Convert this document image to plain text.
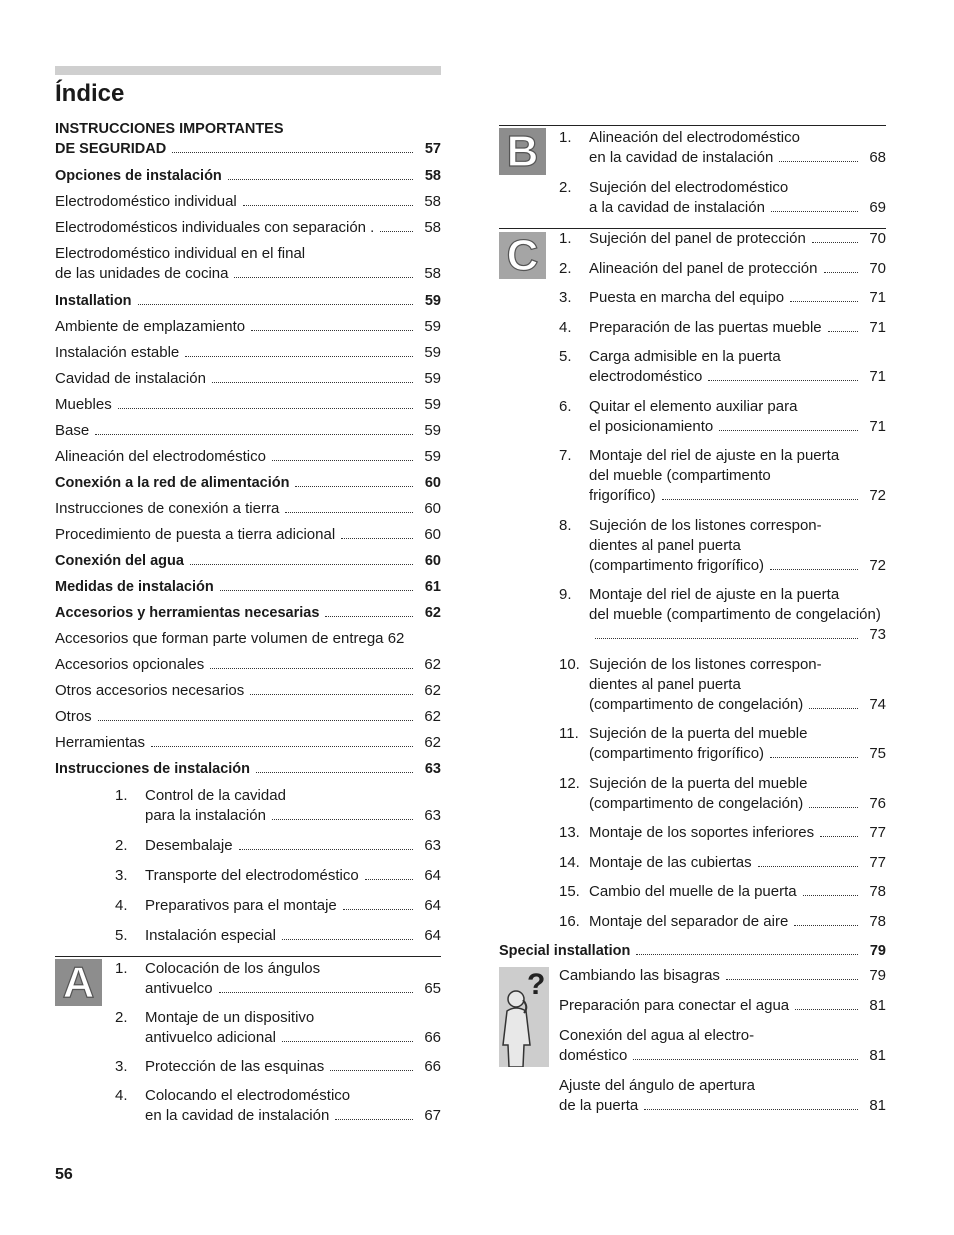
Índice
INSTRUCCIONES IMPORTANTES
DE SEGURIDAD	57
Opciones de instalación	58
Electrodoméstico individual	58
Electrodomésticos individuales con separación .	58
Electrodoméstico individual en el final
de las unidades de cocina	58
Installation	59
Ambiente de emplazamiento	59
Instalación estable	59
Cavidad de instalación	59
Muebles	59
Base	59
Alineación del electrodoméstico	59
Conexión a la red de alimentación	60
Instrucciones de conexión a tierra	60
Procedimiento de puesta a tierra adicional	60
Conexión del agua	60
Medidas de instalación	61
Accesorios y herramientas necesarias	62
Accesorios que forman parte volumen de entrega 62
Accesorios opcionales	62
Otros accesorios necesarios	62
Otros	62
Herramientas	62
Instrucciones de instalación	63
1. Control de la cavidad
para la instalación	63
2. Desembalaje	63
3. Transporte del electrodoméstico	64
4. Preparativos para el montaje	64
5. Instalación especial	64
A	1. Colocación de los ángulos
antivuelco	65
2. Montaje de un dispositivo
antivuelco adicional	66
3. Protección de las esquinas	66
4. Colocando el electrodoméstico
en la cavidad de instalación	67
B	1. Alineación del electrodoméstico
en la cavidad de instalación	68
2. Sujeción del electrodoméstico
a la cavidad de instalación	69
C	1. Sujeción del panel de protección	70
2. Alineación del panel de protección	70
3. Puesta en marcha del equipo	71
4. Preparación de las puertas mueble	71
5. Carga admisible en la puerta
electrodoméstico	71
6. Quitar el elemento auxiliar para
el posicionamiento	71
7. Montaje del riel de ajuste en la puerta
del mueble (compartimento
frigorífico)	72
8. Sujeción de los listones correspon-
dientes al panel puerta
(compartimento frigorífico)	72
9. Montaje del riel de ajuste en la puerta
del mueble (compartimento de congelación)
73
10. Sujeción de los listones correspon-
dientes al panel puerta
(compartimento de congelación)	74
11. Sujeción de la puerta del mueble
(compartimento frigorífico)	75
12. Sujeción de la puerta del mueble
(compartimento de congelación)	76
13. Montaje de los soportes inferiores	77
14. Montaje de las cubiertas	77
15. Cambio del muelle de la puerta	78
16. Montaje del separador de aire	78
Special installation	79
? Cambiando las bisagras	79
Preparación para conectar el agua	81
Conexión del agua al electro-
doméstico	81
Ajuste del ángulo de apertura
de la puerta	81
56
